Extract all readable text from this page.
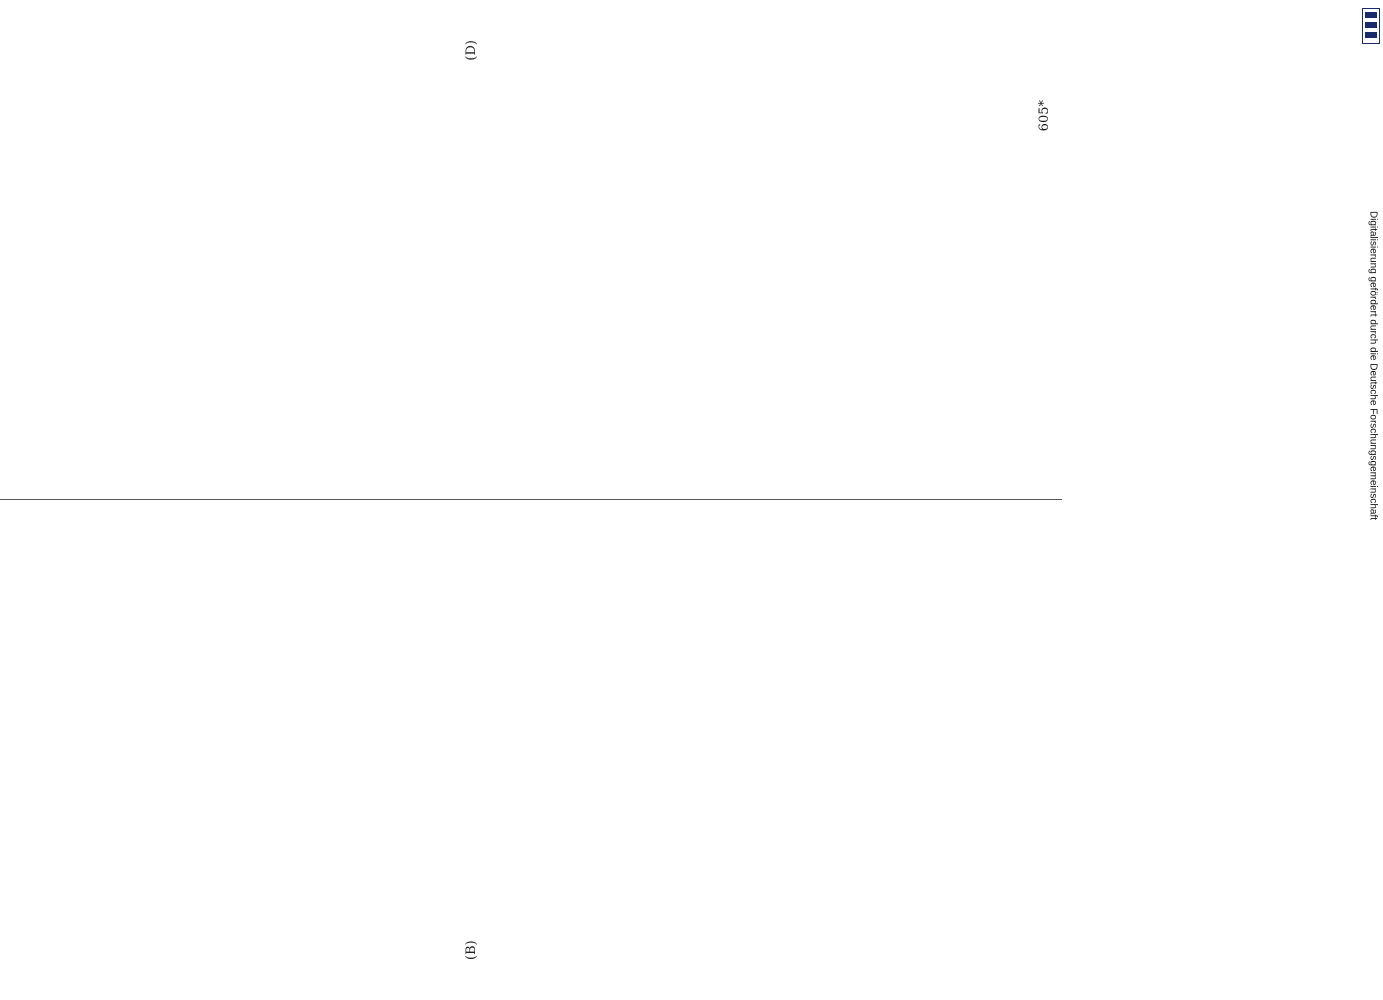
(B)
(D)
605*
Digitalisierung gefördert durch die Deutsche Forschungsgemeinschaft
